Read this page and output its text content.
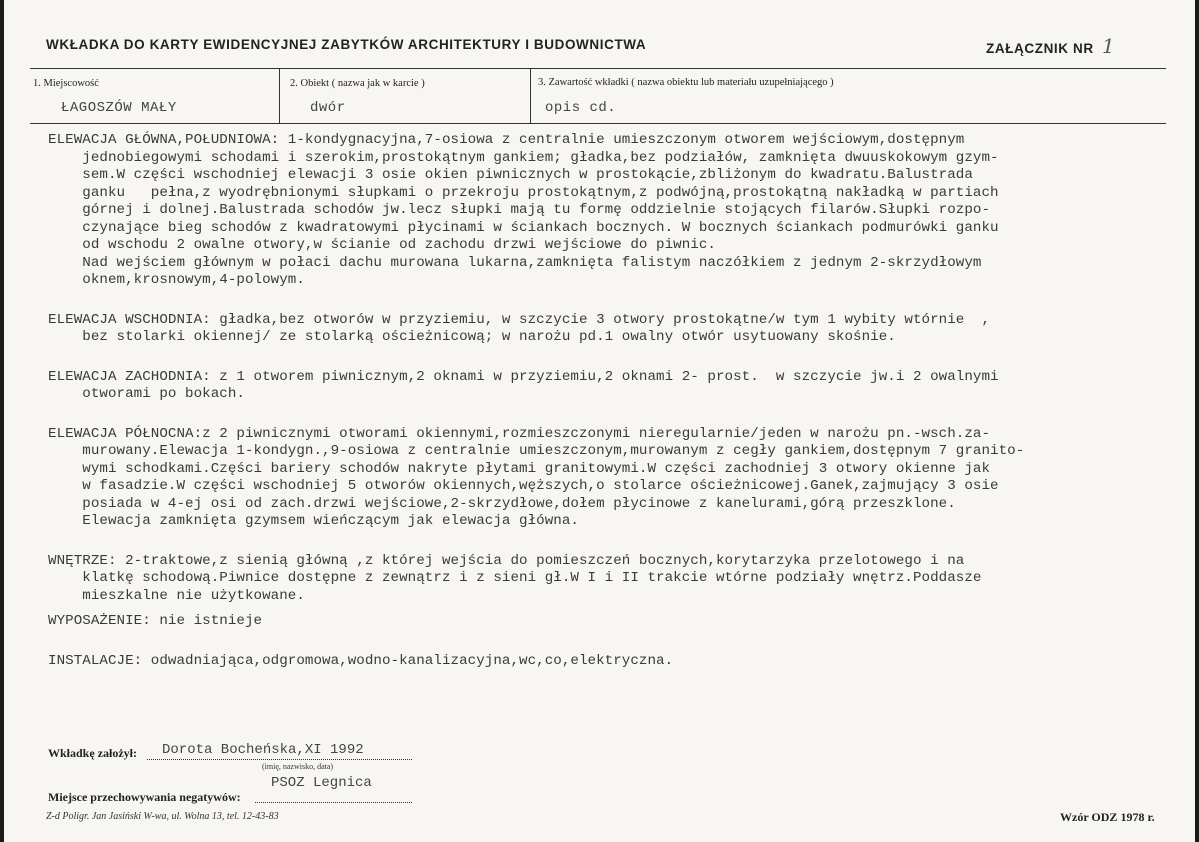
WKŁADKA DO KARTY EWIDENCYJNEJ ZABYTKÓW ARCHITEKTURY I BUDOWNICTWA	ZAŁĄCZNIK NR 1
1. Miejscowość
ŁAGOSZÓW MAŁY
2. Obiekt ( nazwa jak w karcie )
dwór
3. Zawartość wkładki ( nazwa obiektu lub materiału uzupełniającego )
opis cd.
ELEWACJA GŁÓWNA,POŁUDNIOWA: 1-kondygnacyjna,7-osiowa z centralnie umieszczonym otworem wejściowym,dostępnym
jednobiegowymi schodami i szerokim,prostokątnym gankiem; gładka,bez podziałów, zamknięta dwuuskokowym gzym-
sem.W części wschodniej elewacji 3 osie okien piwnicznych w prostokącie,zbliżonym do kwadratu.Balustrada
ganku   pełna,z wyodrębnionymi słupkami o przekroju prostokątnym,z podwójną,prostokątną nakładką w partiach
górnej i dolnej.Balustrada schodów jw.lecz słupki mają tu formę oddzielnie stojących filarów.Słupki rozpo-
czynające bieg schodów z kwadratowymi płycinami w ściankach bocznych. W bocznych ściankach podmurówki ganku
od wschodu 2 owalne otwory,w ścianie od zachodu drzwi wejściowe do piwnic.
Nad wejściem głównym w połaci dachu murowana lukarna,zamknięta falistym naczółkiem z jednym 2-skrzydłowym
oknem,krosnowym,4-polowym.
ELEWACJA WSCHODNIA: gładka,bez otworów w przyziemiu, w szczycie 3 otwory prostokątne/w tym 1 wybity wtórnie  ,
bez stolarki okiennej/ ze stolarką ościeżnicową; w narożu pd.1 owalny otwór usytuowany skośnie.
ELEWACJA ZACHODNIA: z 1 otworem piwnicznym,2 oknami w przyziemiu,2 oknami 2- prost.  w szczycie jw.i 2 owalnymi
otworami po bokach.
ELEWACJA PÓŁNOCNA:z 2 piwnicznymi otworami okiennymi,rozmieszczonymi nieregularnie/jeden w narożu pn.-wsch.za-
murowany.Elewacja 1-kondygn.,9-osiowa z centralnie umieszczonym,murowanym z cegły gankiem,dostępnym 7 granito-
wymi schodkami.Części bariery schodów nakryte płytami granitowymi.W części zachodniej 3 otwory okienne jak
w fasadzie.W części wschodniej 5 otworów okiennych,węższych,o stolarce ościeżnicowej.Ganek,zajmujący 3 osie
posiada w 4-ej osi od zach.drzwi wejściowe,2-skrzydłowe,dołem płycinowe z kanelurami,górą przeszklone.
Elewacja zamknięta gzymsem wieńczącym jak elewacja główna.
WNĘTRZE: 2-traktowe,z sienią główną ,z której wejścia do pomieszczeń bocznych,korytarzyka przelotowego i na
klatkę schodową.Piwnice dostępne z zewnątrz i z sieni gł.W I i II trakcie wtórne podziały wnętrz.Poddasze
mieszkalne nie użytkowane.
WYPOSAŻENIE: nie istnieje
INSTALACJE: odwadniająca,odgromowa,wodno-kanalizacyjna,wc,co,elektryczna.
Wkładkę założył: Dorota Bocheńska,XI 1992
(imię, nazwisko, data)
Miejsce przechowywania negatywów:
PSOZ Legnica
Z-d Poligr. Jan Jasiński W-wa, ul. Wolna 13, tel. 12-43-83	Wzór ODZ 1978 r.
